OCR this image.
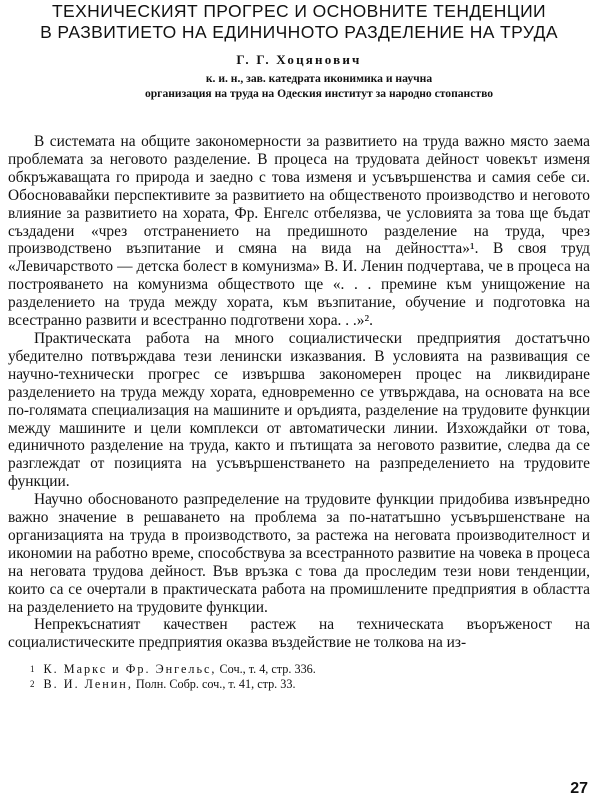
ТЕХНИЧЕСКИЯТ ПРОГРЕС И ОСНОВНИТЕ ТЕНДЕНЦИИ
В РАЗВИТИЕТО НА ЕДИНИЧНОТО РАЗДЕЛЕНИЕ НА ТРУДА
Г. Г. Хоцянович
к. и. н., зав. катедрата иконимика и научна
организация на труда на Одеския институт за народно стопанство

В системата на общите закономерности за развитието на труда важно място заема проблемата за неговото разделение. В процеса на трудовата дейност човекът изменя обкръжаващата го природа и заедно с това изменя и усъвършенства и самия себе си. Обосновавайки перспективите за развитието на общественото производство и неговото влияние за развитието на хората, Фр. Енгелс отбелязва, че условията за това ще бъдат създадени «чрез отстранението на предишното разделение на труда, чрез производствено възпитание и смяна на вида на дейността»¹. В своя труд «Левичарството — детска болест в комунизма» В. И. Ленин подчертава, че в процеса на построяването на комунизма обществото ще «. . . премине към унищожение на разделението на труда между хората, към възпитание, обучение и подготовка на всестранно развити и всестранно подготвени хора. . .»².

Практическата работа на много социалистически предприятия достатъчно убедително потвърждава тези ленински изказвания. В условията на развиващия се научно-технически прогрес се извършва закономерен процес на ликвидиране разделението на труда между хората, едновременно се утвърждава, на основата на все по-голямата специализация на машините и оръдията, разделение на трудовите функции между машините и цели комплекси от автоматически линии. Изхождайки от това, единичното разделение на труда, както и пътищата за неговото развитие, следва да се разглеждат от позицията на усъвършенстването на разпределението на трудовите функции.

Научно обоснованото разпределение на трудовите функции придобива извънредно важно значение в решаването на проблема за по-нататъшно усъвършенстване на организацията на труда в производството, за растежа на неговата производителност и икономии на работно време, способствува за всестранното развитие на човека в процеса на неговата трудова дейност. Във връзка с това да проследим тези нови тенденции, които са се очертали в практическата работа на промишлените предприятия в областта на разделението на трудовите функции.

Непрекъснатият качествен растеж на техническата въоръженост на социалистическите предприятия оказва въздействие не толкова на из-

$^1$ К. Маркс и Фр. Энгельс, Соч., т. 4, стр. 336.
$^2$ В. И. Ленин, Полн. Собр. соч., т. 41, стр. 33.
27
